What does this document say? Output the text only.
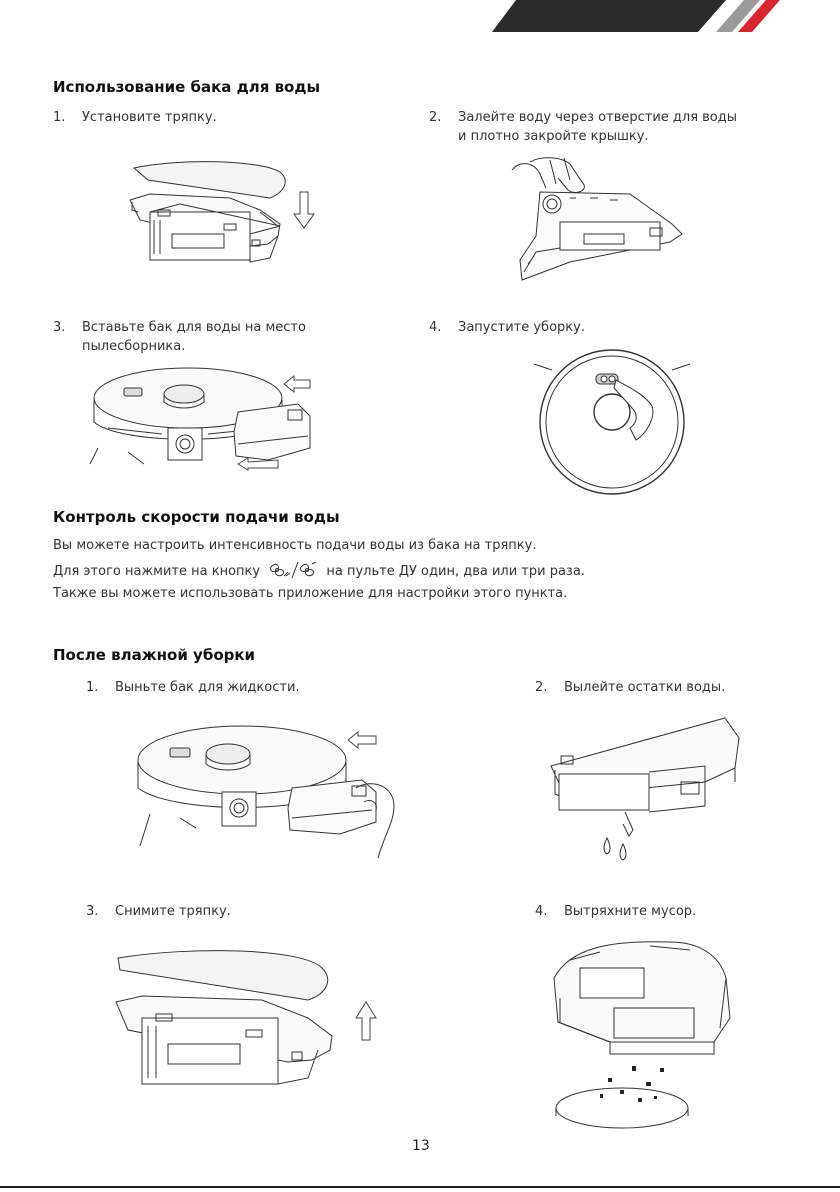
Использование бака для воды
1. Установите тряпку.	2. Залейте воду через отверстие для воды
и плотно закройте крышку.
3. Вставьте бак для воды на место
пылесборника.
4. Запустите уборку.
Контроль скорости подачи воды
Вы можете настроить интенсивность подачи воды из бака на тряпку.
Для этого нажмите на кнопку	на пульте ДУ один, два или три раза.
Также вы можете использовать приложение для настройки этого пункта.
После влажной уборки
1. Выньте бак для жидкости.	2. Вылейте остатки воды.
3. Снимите тряпку.	4. Вытряхните мусор.
13
